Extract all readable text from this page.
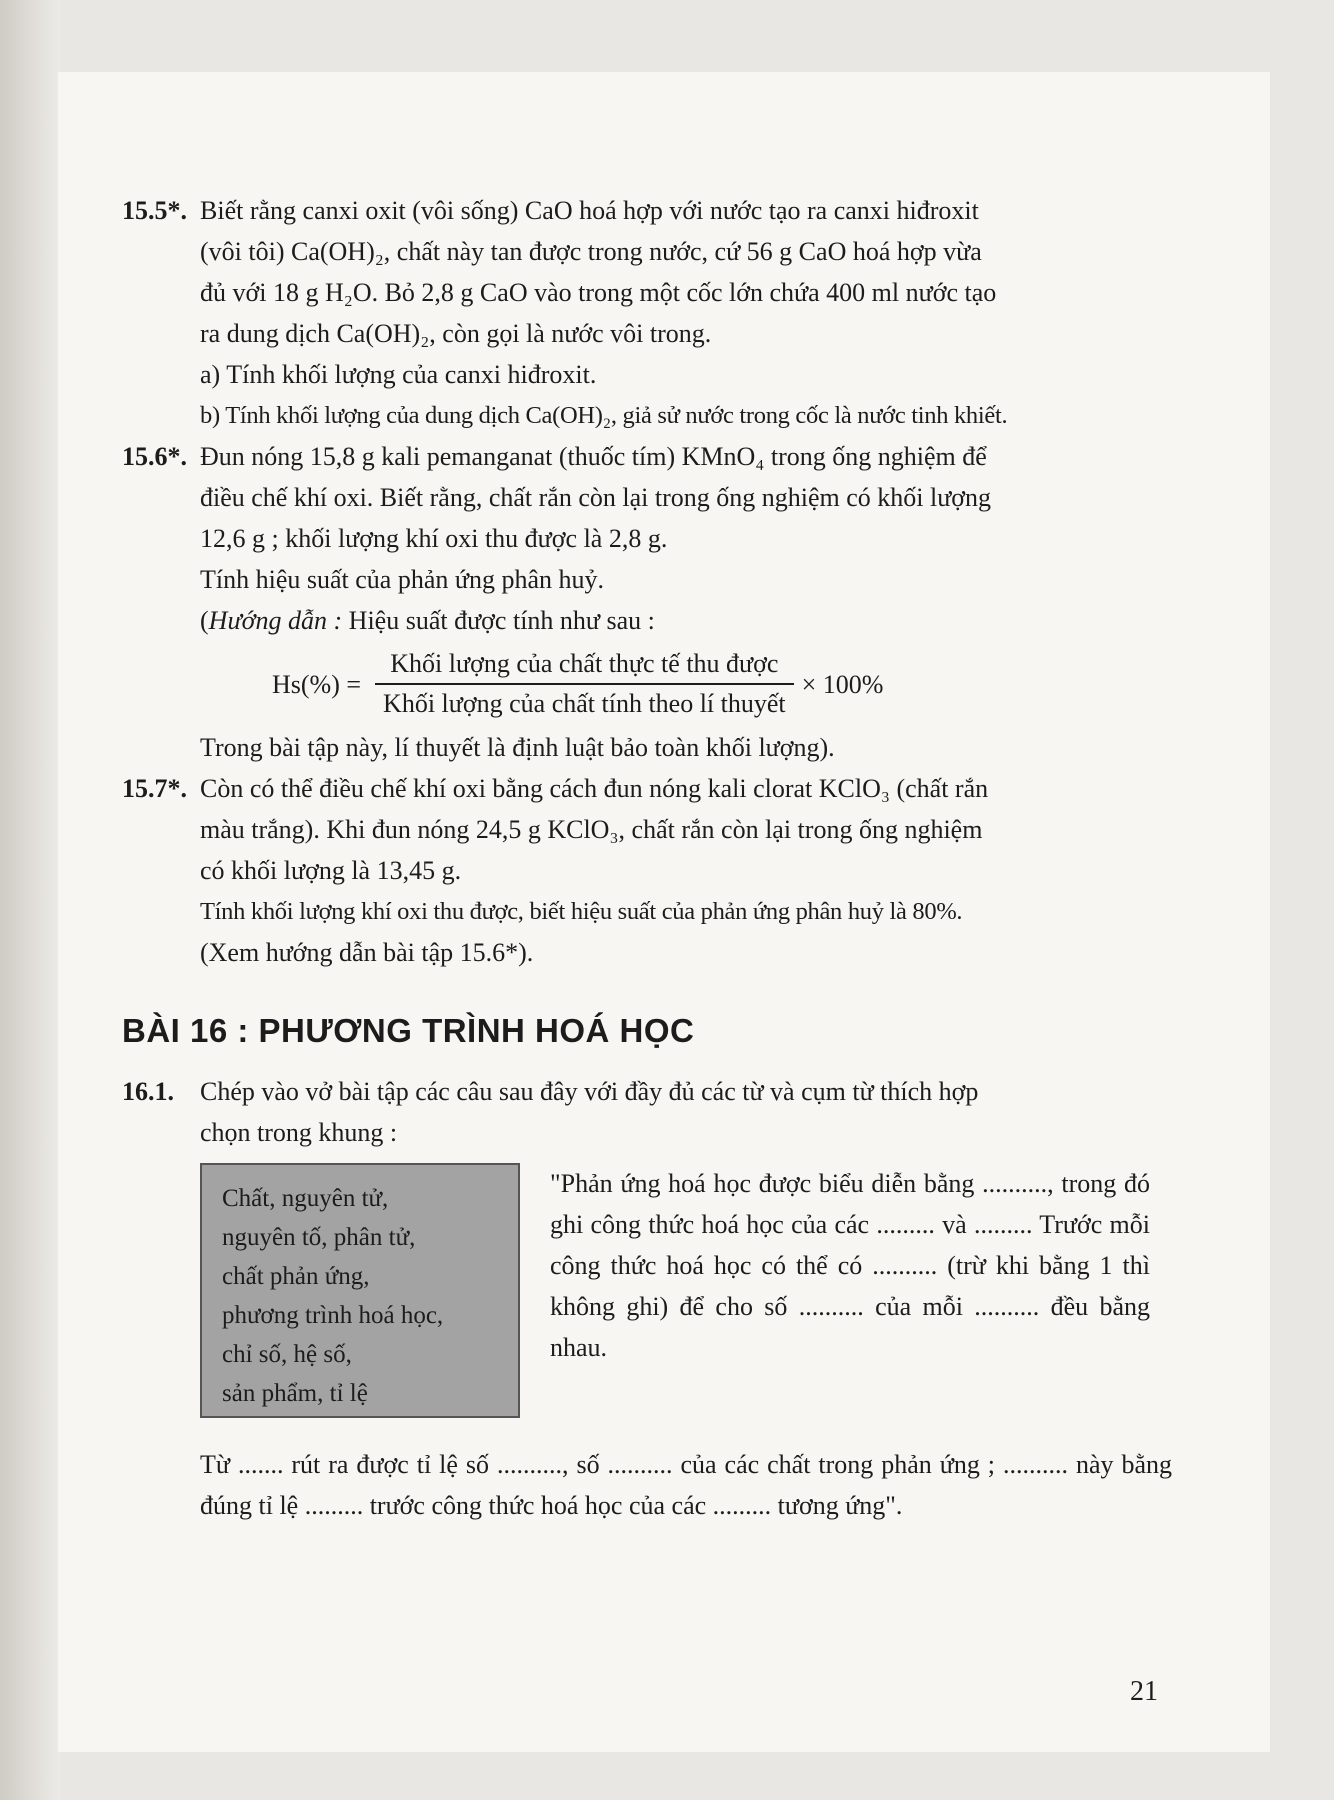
15.5*. Biết rằng canxi oxit (vôi sống) CaO hoá hợp với nước tạo ra canxi hiđroxit

(vôi tôi) Ca(OH)₂, chất này tan được trong nước, cứ 56 g CaO hoá hợp vừa

đủ với 18 g H₂O. Bỏ 2,8 g CaO vào trong một cốc lớn chứa 400 ml nước tạo

ra dung dịch Ca(OH)₂, còn gọi là nước vôi trong.

a) Tính khối lượng của canxi hiđroxit.

b) Tính khối lượng của dung dịch Ca(OH)₂, giả sử nước trong cốc là nước tinh khiết.

15.6*. Đun nóng 15,8 g kali pemanganat (thuốc tím) KMnO₄ trong ống nghiệm để

điều chế khí oxi. Biết rằng, chất rắn còn lại trong ống nghiệm có khối lượng

12,6 g ; khối lượng khí oxi thu được là 2,8 g.

Tính hiệu suất của phản ứng phân huỷ.

(Hướng dẫn : Hiệu suất được tính như sau :

$Hs(\%) = \frac{\text{Khối lượng của chất thực tế thu được}}{\text{Khối lượng của chất tính theo lí thuyết}} \times 100\%$

Trong bài tập này, lí thuyết là định luật bảo toàn khối lượng).

15.7*. Còn có thể điều chế khí oxi bằng cách đun nóng kali clorat KClO₃ (chất rắn

màu trắng). Khi đun nóng 24,5 g KClO₃, chất rắn còn lại trong ống nghiệm

có khối lượng là 13,45 g.

Tính khối lượng khí oxi thu được, biết hiệu suất của phản ứng phân huỷ là 80%.

(Xem hướng dẫn bài tập 15.6*).

BÀI 16 : PHƯƠNG TRÌNH HOÁ HỌC
16.1. Chép vào vở bài tập các câu sau đây với đầy đủ các từ và cụm từ thích hợp

chọn trong khung :

Chất, nguyên tử,
nguyên tố, phân tử,
chất phản ứng,
phương trình hoá học,
chỉ số, hệ số,
sản phẩm, tỉ lệ
"Phản ứng hoá học được biểu diễn bằng .........., trong đó ghi công thức hoá học của các ......... và ......... Trước mỗi công thức hoá học có thể có .......... (trừ khi bằng 1 thì không ghi) để cho số .......... của mỗi .......... đều bằng nhau.

Từ ....... rút ra được tỉ lệ số .........., số .......... của các chất trong phản ứng ; .......... này bằng đúng tỉ lệ ......... trước công thức hoá học của các ......... tương ứng".

21
